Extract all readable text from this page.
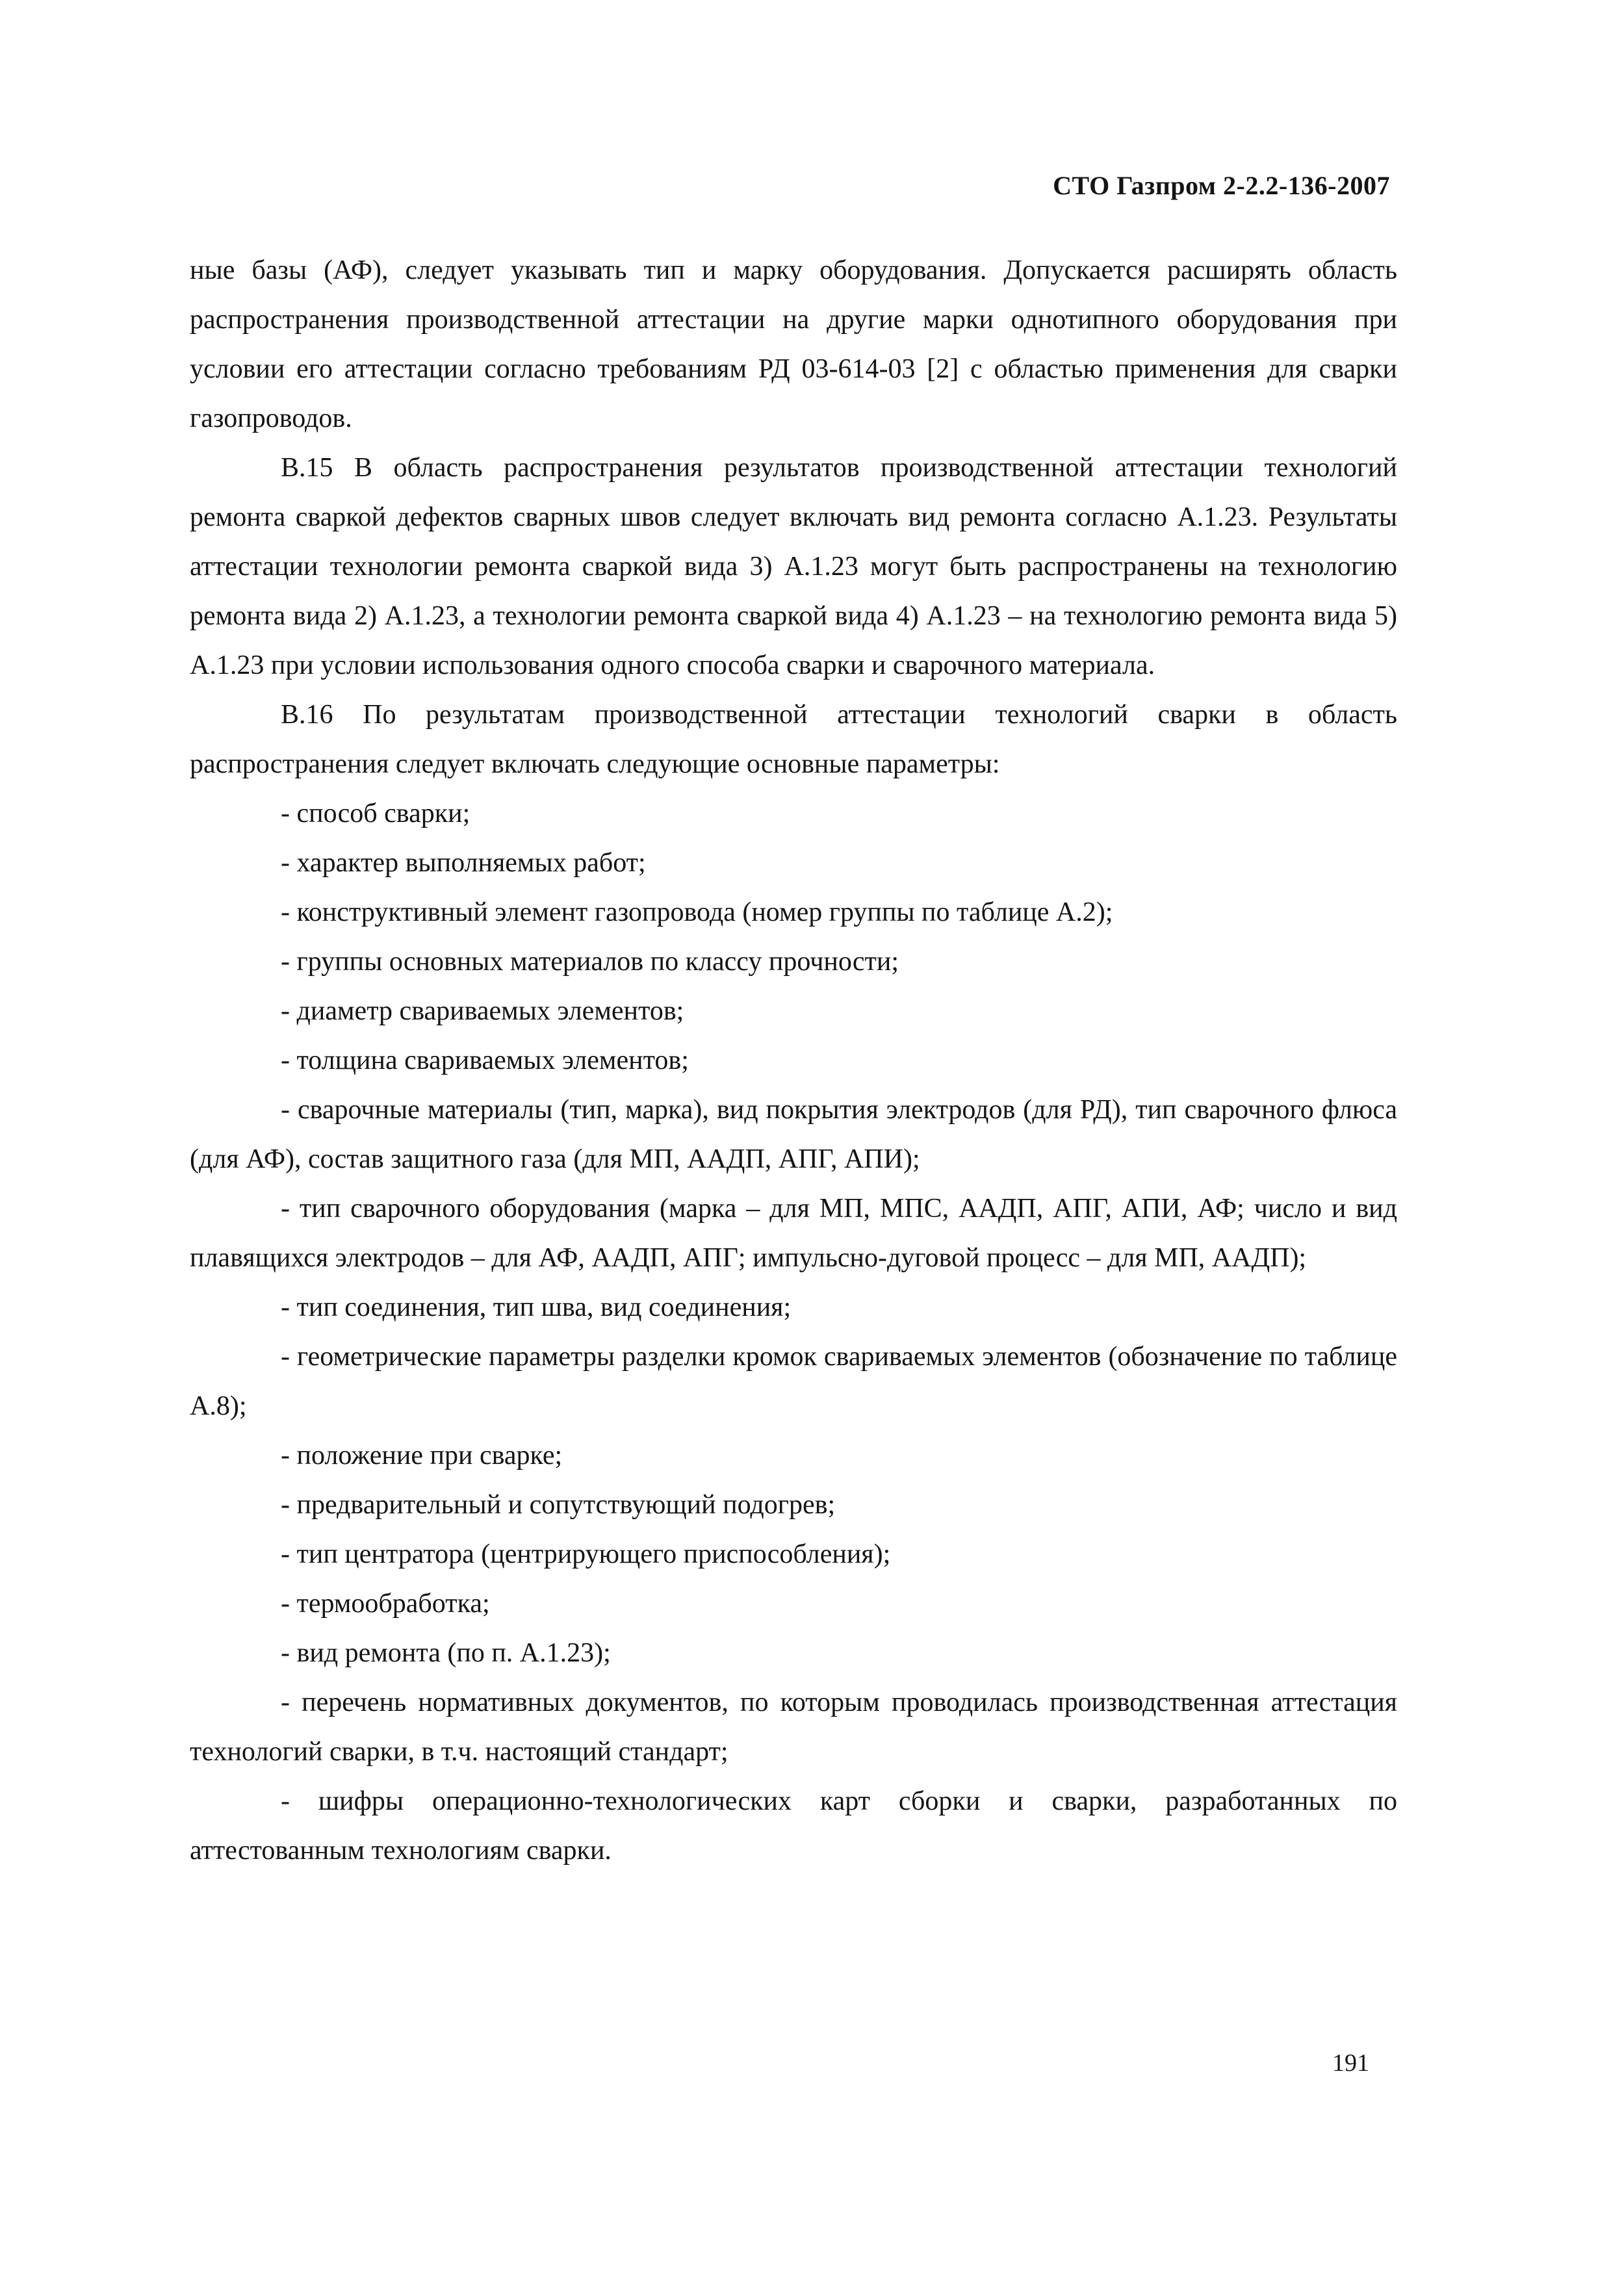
СТО Газпром 2-2.2-136-2007

ные базы (АФ), следует указывать тип и марку оборудования. Допускается расширять область распространения производственной аттестации на другие марки однотипного оборудования при условии его аттестации согласно требованиям РД 03-614-03 [2] с областью применения для сварки газопроводов.

В.15 В область распространения результатов производственной аттестации технологий ремонта сваркой дефектов сварных швов следует включать вид ремонта согласно А.1.23. Результаты аттестации технологии ремонта сваркой вида 3) А.1.23 могут быть распространены на технологию ремонта вида 2) А.1.23, а технологии ремонта сваркой вида 4) А.1.23 – на технологию ремонта вида 5) А.1.23 при условии использования одного способа сварки и сварочного материала.

В.16 По результатам производственной аттестации технологий сварки в область распространения следует включать следующие основные параметры:

- способ сварки;

- характер выполняемых работ;

- конструктивный элемент газопровода (номер группы по таблице А.2);

- группы основных материалов по классу прочности;

- диаметр свариваемых элементов;

- толщина свариваемых элементов;

- сварочные материалы (тип, марка), вид покрытия электродов (для РД), тип сварочного флюса (для АФ), состав защитного газа (для МП, ААДП, АПГ, АПИ);

- тип сварочного оборудования (марка – для МП, МПС, ААДП, АПГ, АПИ, АФ; число и вид плавящихся электродов – для АФ, ААДП, АПГ; импульсно-дуговой процесс – для МП, ААДП);

- тип соединения, тип шва, вид соединения;

- геометрические параметры разделки кромок свариваемых элементов (обозначение по таблице А.8);

- положение при сварке;

- предварительный и сопутствующий подогрев;

- тип центратора (центрирующего приспособления);

- термообработка;

- вид ремонта (по п. А.1.23);

- перечень нормативных документов, по которым проводилась производственная аттестация технологий сварки, в т.ч. настоящий стандарт;

- шифры операционно-технологических карт сборки и сварки, разработанных по аттестованным технологиям сварки.

191
